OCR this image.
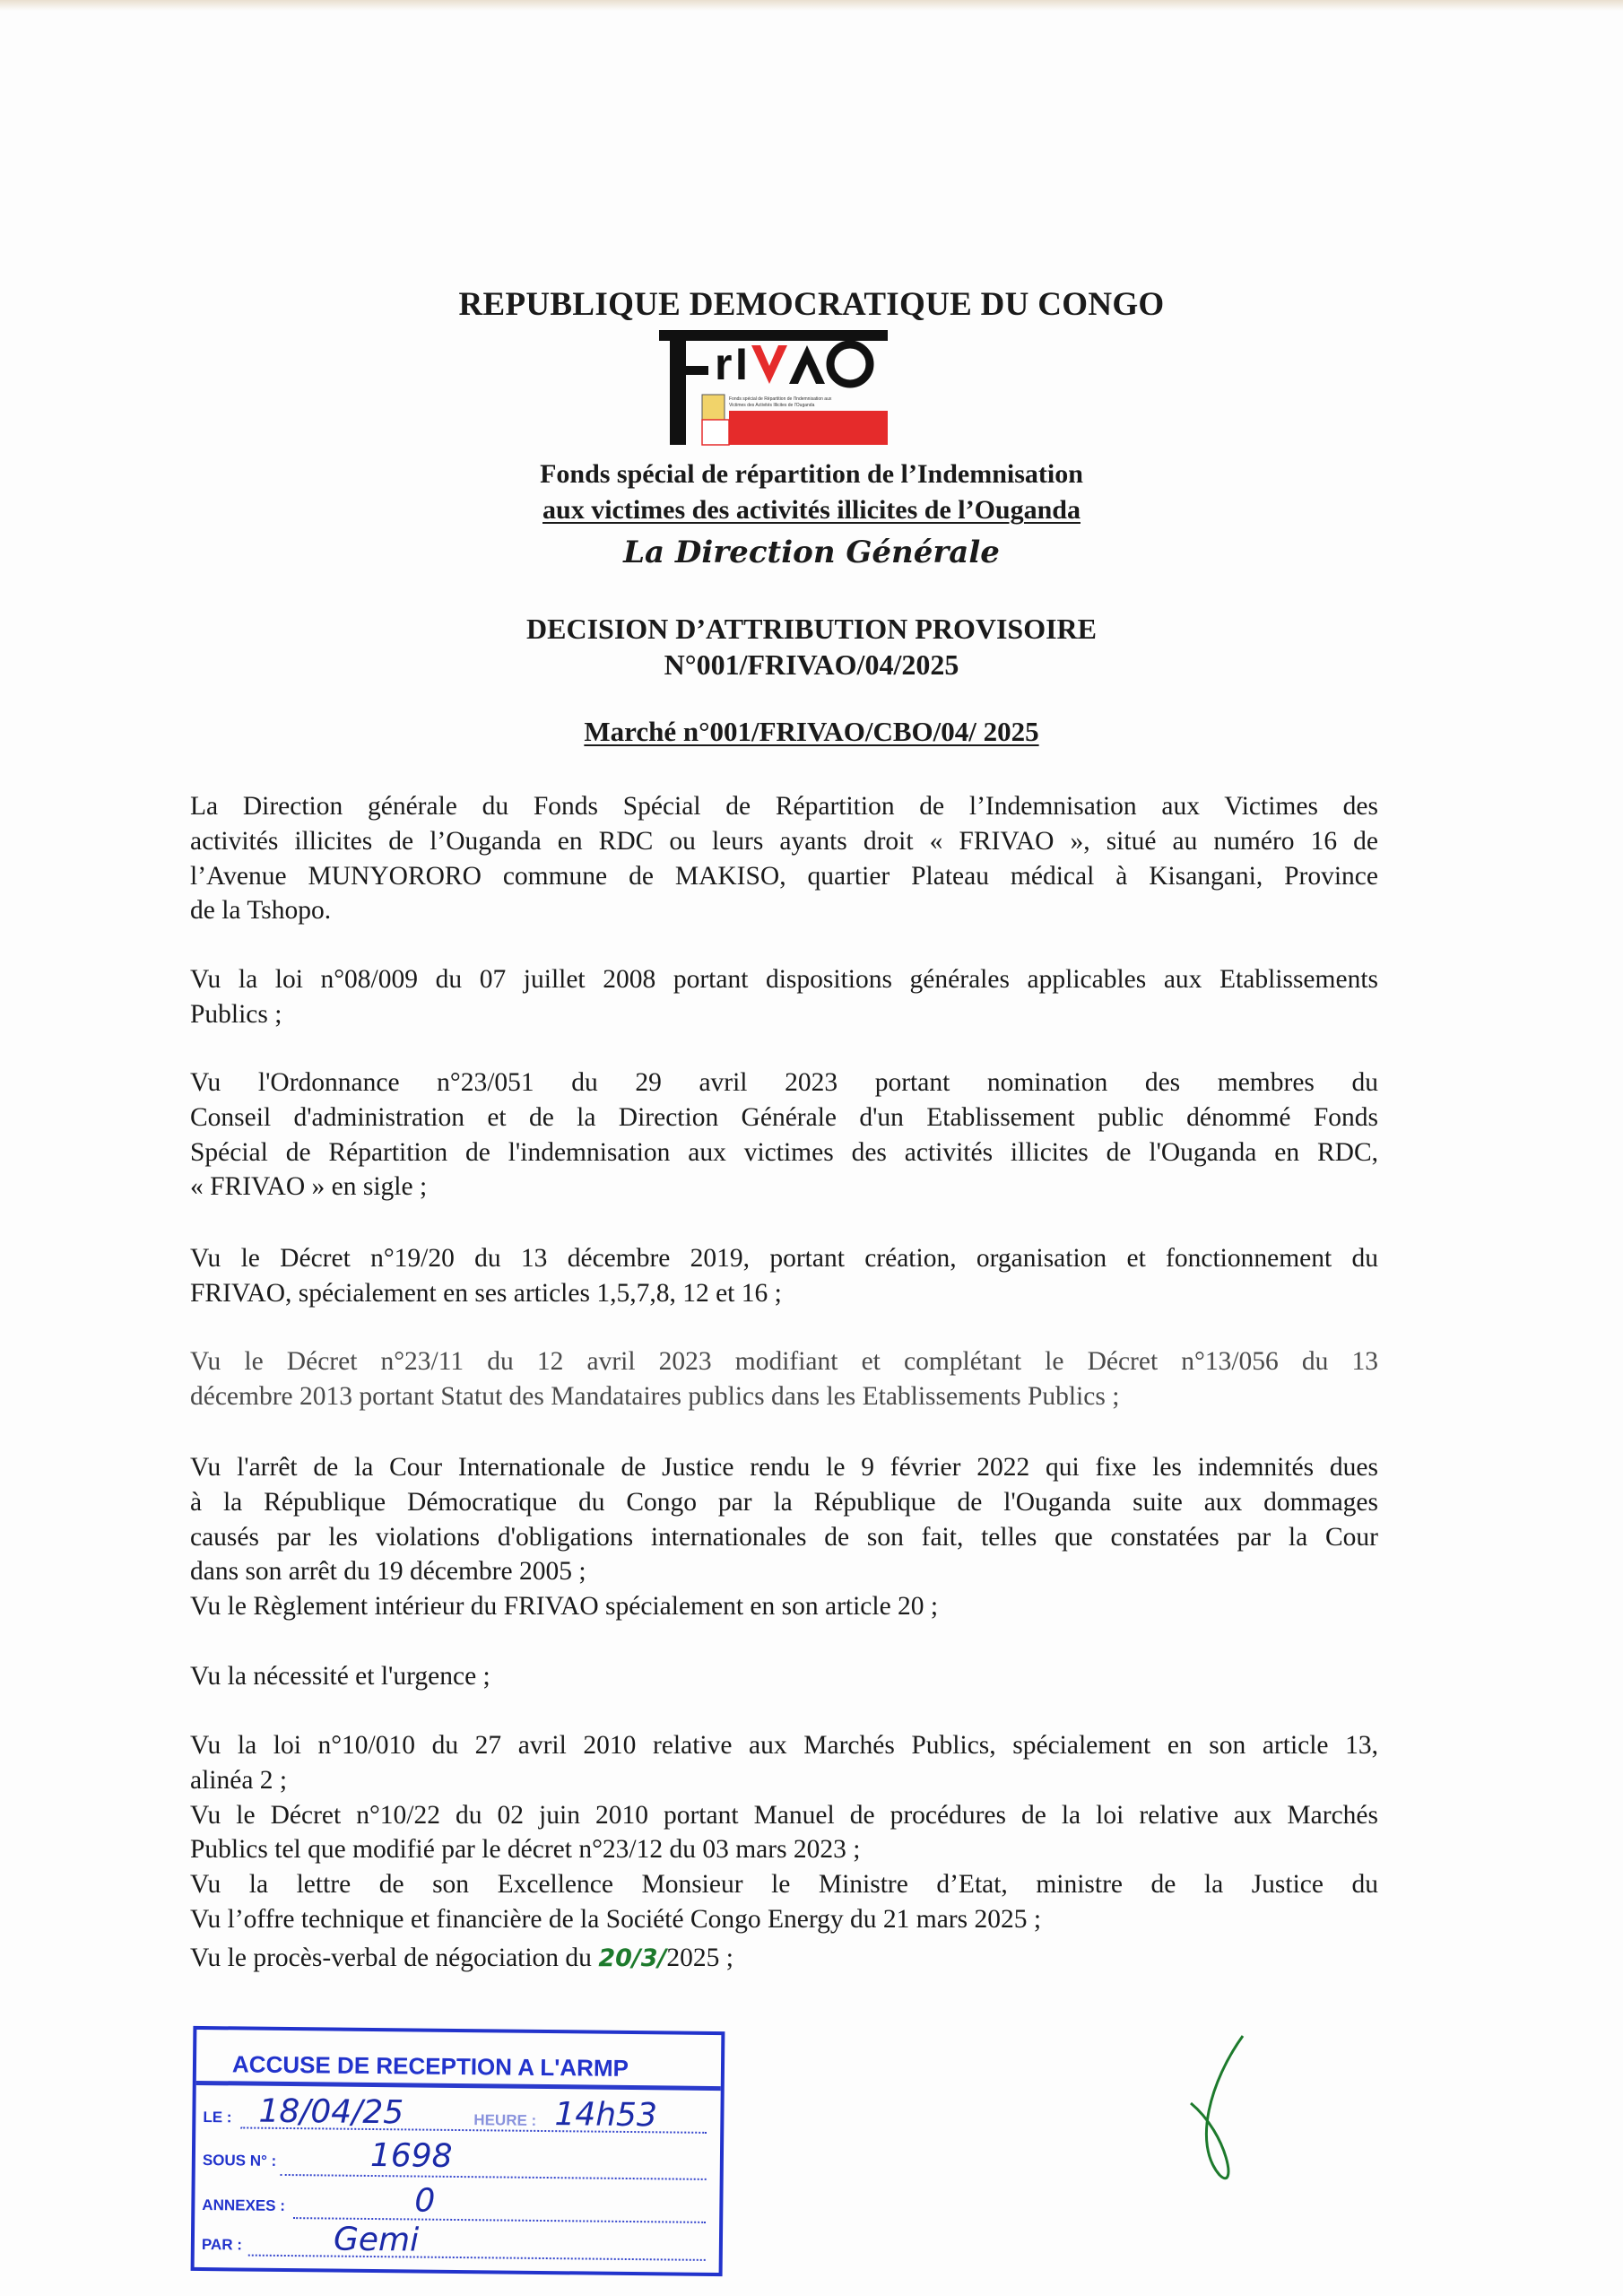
REPUBLIQUE DEMOCRATIQUE DU CONGO
r I
Fonds spécial de Répartition de l'Indemnisation aux
Victimes des Activités Illicites de l'Ouganda
Fonds spécial de répartition de l’Indemnisation
aux victimes des activités illicites de l’Ouganda
La Direction Générale
DECISION D’ATTRIBUTION PROVISOIRE
N°001/FRIVAO/04/2025
Marché n°001/FRIVAO/CBO/04/ 2025
La Direction générale du Fonds Spécial de Répartition de l’Indemnisation aux Victimes des
activités illicites de l’Ouganda en RDC ou leurs ayants droit « FRIVAO », situé au numéro 16 de
l’Avenue MUNYORORO commune de MAKISO, quartier Plateau médical à Kisangani, Province
de la Tshopo.
Vu la loi n°08/009 du 07 juillet 2008 portant dispositions générales applicables aux Etablissements
Publics ;
Vu l'Ordonnance n°23/051 du 29 avril 2023 portant nomination des membres du
Conseil d'administration et de la Direction Générale d'un Etablissement public dénommé Fonds
Spécial de Répartition de l'indemnisation aux victimes des activités illicites de l'Ouganda en RDC,
« FRIVAO » en sigle ;
Vu le Décret n°19/20 du 13 décembre 2019, portant création, organisation et fonctionnement du
FRIVAO, spécialement en ses articles 1,5,7,8, 12 et 16 ;
Vu le Décret n°23/11 du 12 avril 2023 modifiant et complétant le Décret n°13/056 du 13
décembre 2013 portant Statut des Mandataires publics dans les Etablissements Publics ;
Vu l'arrêt de la Cour Internationale de Justice rendu le 9 février 2022 qui fixe les indemnités dues
à la République Démocratique du Congo par la République de l'Ouganda suite aux dommages
causés par les violations d'obligations internationales de son fait, telles que constatées par la Cour
dans son arrêt du 19 décembre 2005 ;
Vu le Règlement intérieur du FRIVAO spécialement en son article 20 ;
Vu la nécessité et l'urgence ;
Vu la loi n°10/010 du 27 avril 2010 relative aux Marchés Publics, spécialement en son article 13,
alinéa 2 ;
Vu le Décret n°10/22 du 02 juin 2010 portant Manuel de procédures de la loi relative aux Marchés
Publics tel que modifié par le décret n°23/12 du 03 mars 2023 ;
Vu la lettre de son Excellence Monsieur le Ministre d’Etat, ministre de la Justice du
Vu l’offre technique et financière de la Société Congo Energy du 21 mars 2025 ;
Vu le procès-verbal de négociation du 20/3/2025 ;
ACCUSE DE RECEPTION A L'ARMP
LE : 18/04/25	HEURE : 14h53
SOUS N° :	1698
ANNEXES :	0
PAR :	Gemi
